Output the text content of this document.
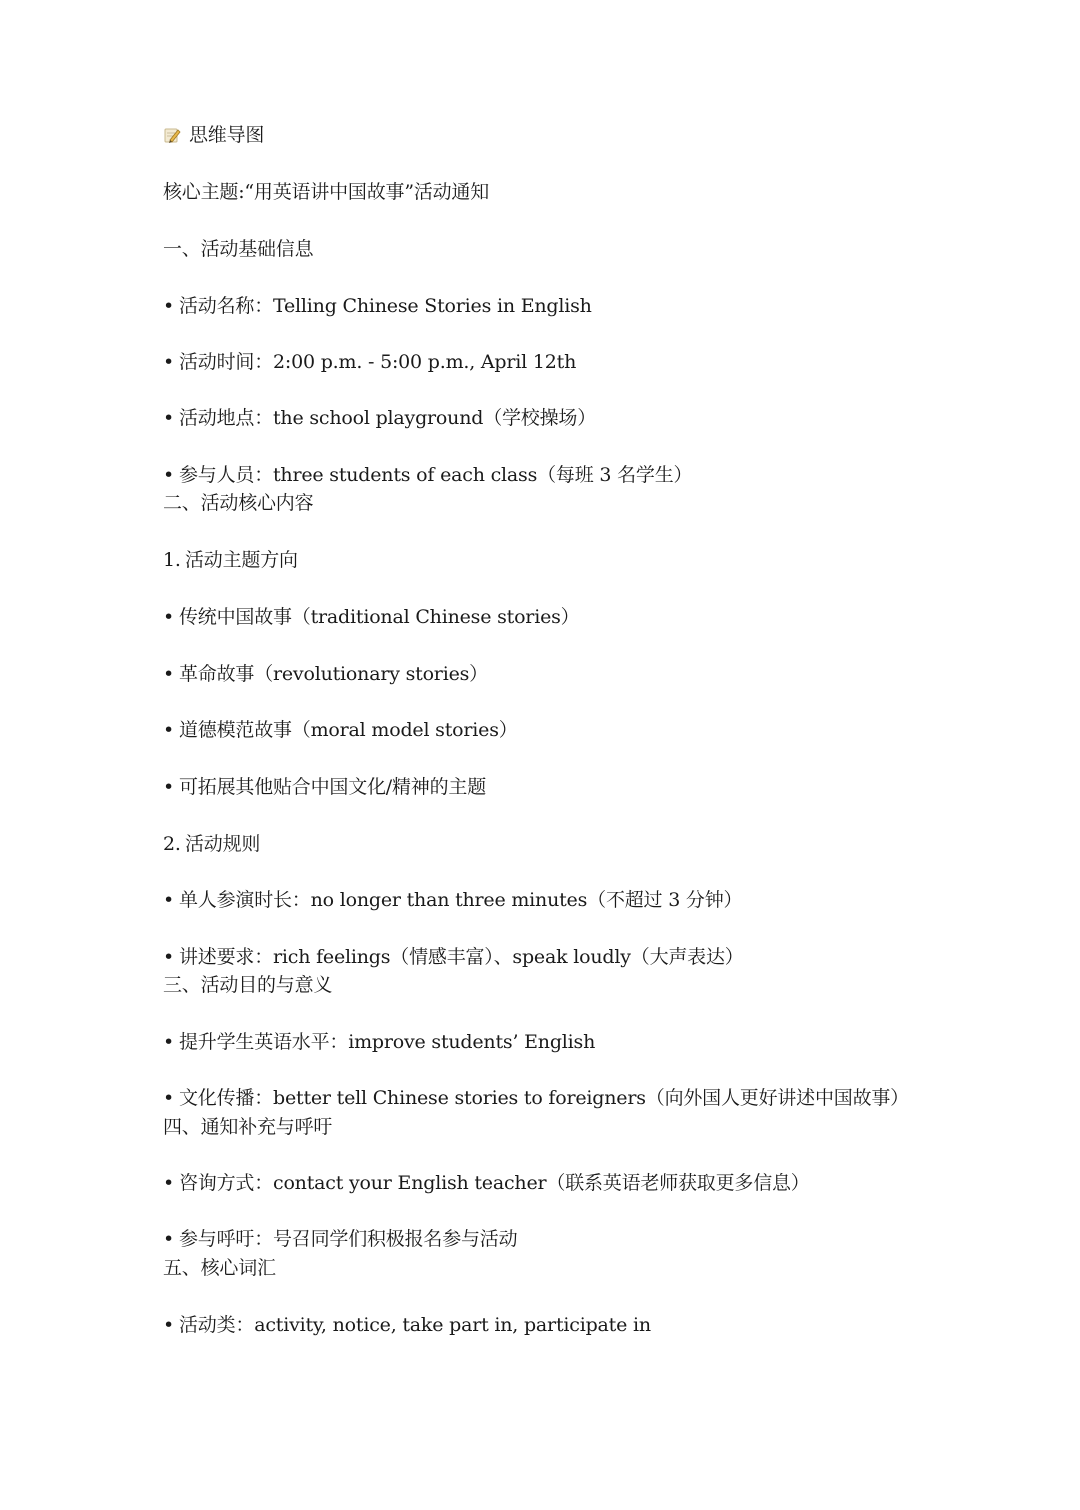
思维导图
核心主题:“用英语讲中国故事”活动通知
一、活动基础信息
• 活动名称：Telling Chinese Stories in English
• 活动时间：2:00 p.m. - 5:00 p.m., April 12th
• 活动地点：the school playground（学校操场）
• 参与人员：three students of each class（每班 3 名学生）
二、活动核心内容
1. 活动主题方向
• 传统中国故事（traditional Chinese stories）
• 革命故事（revolutionary stories）
• 道德模范故事（moral model stories）
• 可拓展其他贴合中国文化/精神的主题
2. 活动规则
• 单人参演时长：no longer than three minutes（不超过 3 分钟）
• 讲述要求：rich feelings（情感丰富）、speak loudly（大声表达）
三、活动目的与意义
• 提升学生英语水平：improve students’ English
• 文化传播：better tell Chinese stories to foreigners（向外国人更好讲述中国故事）
四、通知补充与呼吁
• 咨询方式：contact your English teacher（联系英语老师获取更多信息）
• 参与呼吁：号召同学们积极报名参与活动
五、核心词汇
• 活动类：activity, notice, take part in, participate in
